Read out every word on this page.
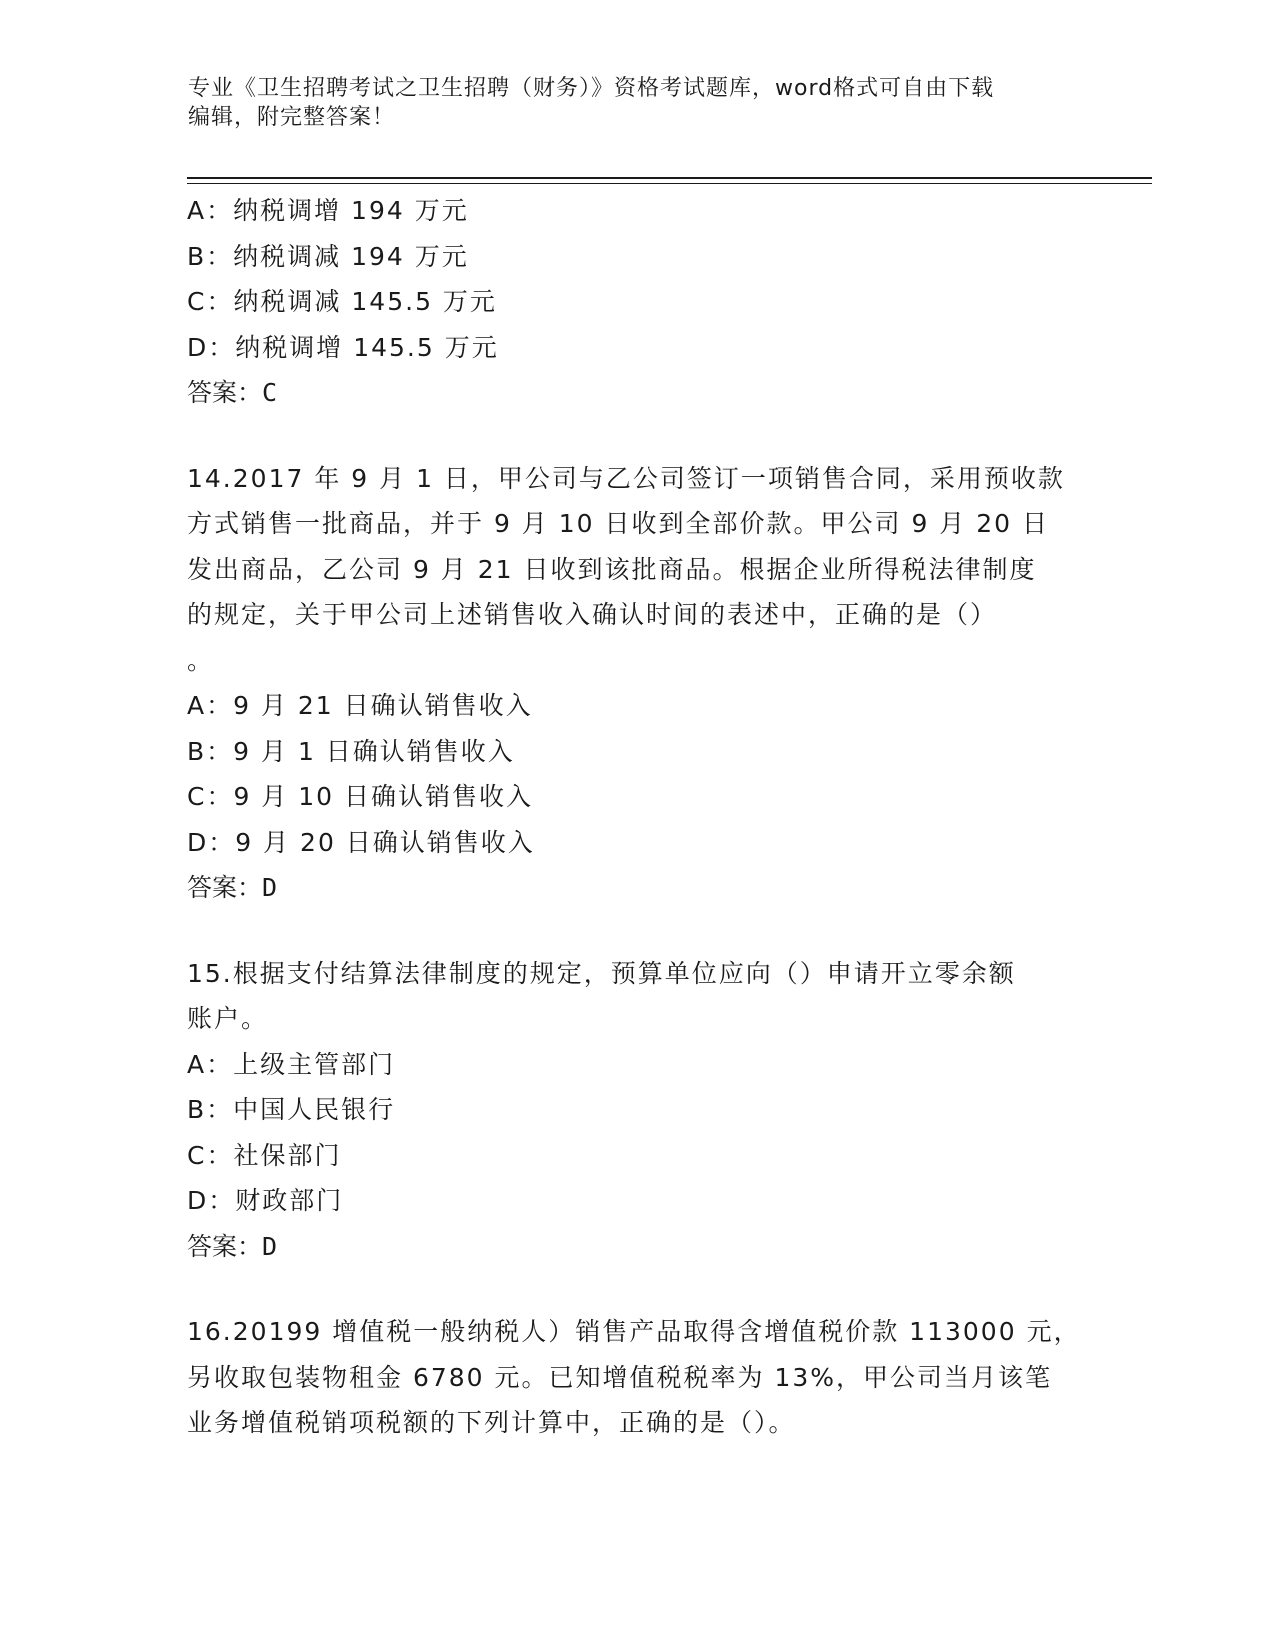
专业《卫生招聘考试之卫生招聘（财务）》资格考试题库，word格式可自由下载
编辑，附完整答案！
A：纳税调增 194 万元
B：纳税调减 194 万元
C：纳税调减 145.5 万元
D：纳税调增 145.5 万元
答案：C
14.2017 年 9 月 1 日，甲公司与乙公司签订一项销售合同，采用预收款
方式销售一批商品，并于 9 月 10 日收到全部价款。甲公司 9 月 20 日
发出商品，乙公司 9 月 21 日收到该批商品。根据企业所得税法律制度
的规定，关于甲公司上述销售收入确认时间的表述中，正确的是（）
。
A：9 月 21 日确认销售收入
B：9 月 1 日确认销售收入
C：9 月 10 日确认销售收入
D：9 月 20 日确认销售收入
答案：D
15.根据支付结算法律制度的规定，预算单位应向（）申请开立零余额
账户。
A：上级主管部门
B：中国人民银行
C：社保部门
D：财政部门
答案：D
16.20199 增值税一般纳税人）销售产品取得含增值税价款 113000 元，
另收取包装物租金 6780 元。已知增值税税率为 13%，甲公司当月该笔
业务增值税销项税额的下列计算中，正确的是（）。
